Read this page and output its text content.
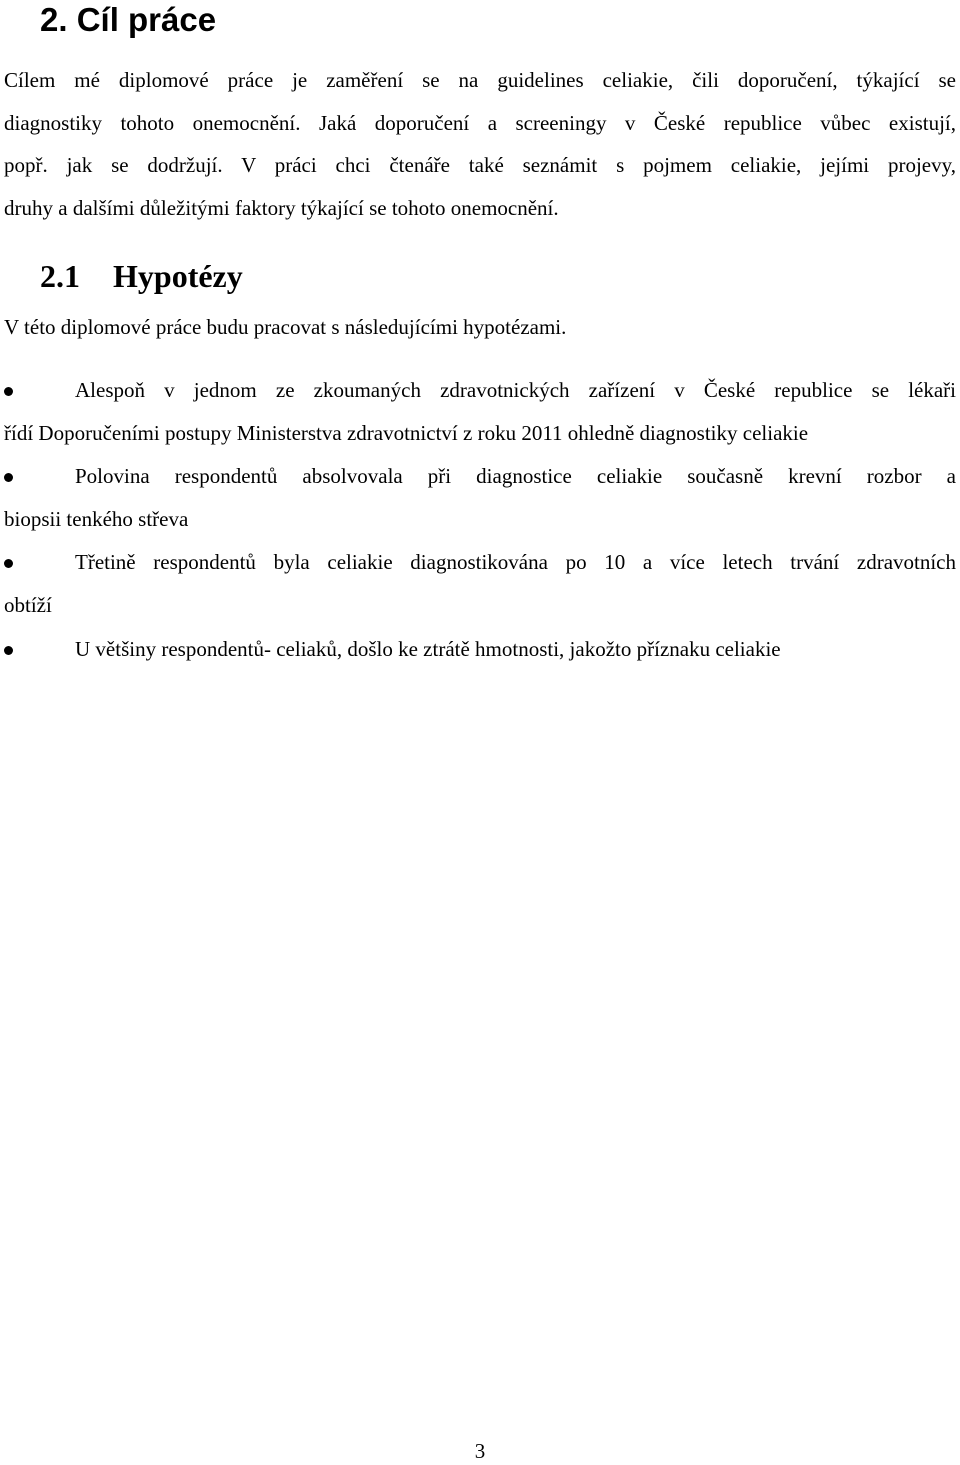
2. Cíl práce
Cílem mé diplomové práce je zaměření se na guidelines celiakie, čili doporučení, týkající se
diagnostiky tohoto onemocnění. Jaká doporučení a screeningy v České republice vůbec existují,
popř. jak se dodržují. V práci chci čtenáře také seznámit s pojmem celiakie, jejími projevy,
druhy a dalšími důležitými faktory týkající se tohoto onemocnění.
2.1 Hypotézy

V této diplomové práce budu pracovat s následujícími hypotézami.

Alespoň v jednom ze zkoumaných zdravotnických zařízení v České republice se lékaři
řídí Doporučeními postupy Ministerstva zdravotnictví z roku 2011 ohledně diagnostiky celiakie
Polovina respondentů absolvovala při diagnostice celiakie současně krevní rozbor a
biopsii tenkého střeva
Třetině respondentů byla celiakie diagnostikována po 10 a více letech trvání zdravotních
obtíží
U většiny respondentů- celiaků, došlo ke ztrátě hmotnosti, jakožto příznaku celiakie
3
